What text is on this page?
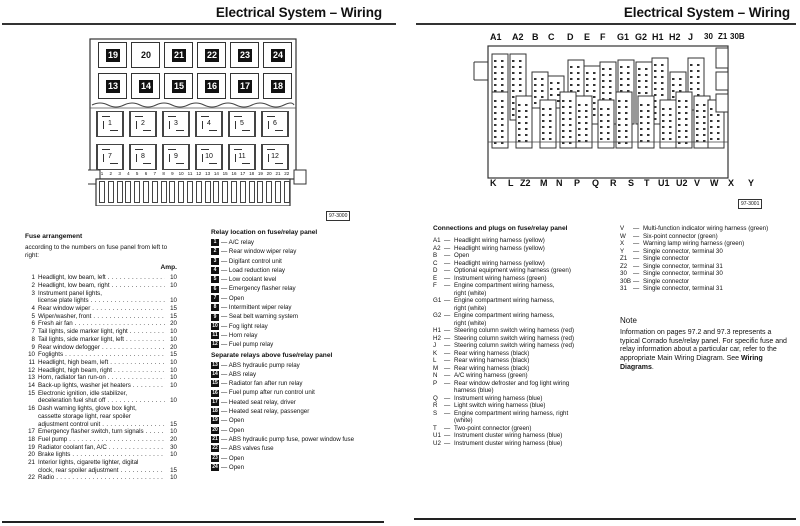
Electrical System – Wiring
19	20	21	22	23	24
13	14	15	16	17	18
1	2	3	4	5	6
7	8	9	10	11	12
1	2	3	4	5	6	7	8	9	10 11 12 13 14 15 16 17 18 19 20 21 22
97-3000
Fuse arrangement
according to the numbers on fuse panel from left to right:
Amp.
1 Headlight, low beam, left . . .	10
2 Headlight, low beam, right . . .	10
3 Instrument panel lights,
license plate lights . . .	10
4 Rear window wiper . . .	15
5 Wiper/washer, front . . .	15
6 Fresh air fan . . .	20
7 Tail lights, side marker light, right . . .	10
8 Tail lights, side marker light, left . . .	10
9 Rear window defogger . . .	20
10 Foglights . . .	15
11 Headlight, high beam, left . . .	10
12 Headlight, high beam, right . . .	10
13 Horn, radiator fan run-on . . .	10
14 Back-up lights, washer jet heaters . . .	10
15 Electronic ignition, idle stabilizer,
deceleration fuel shut off . . .	10
16 Dash warning lights, glove box light,
cassette storage light, rear spoiler
adjustment control unit . . .	15
17 Emergency flasher switch, turn signals . . .	10
18 Fuel pump . . .	20
19 Radiator coolant fan, A/C . . .	30
20 Brake lights . . .	10
21 Interior lights, cigarette lighter, digital
clock, rear spoiler adjustment . . .	15
22 Radio . . .	10
Relay location on fuse/relay panel
1 — A/C relay
2 — Rear window wiper relay
3 — Digifant control unit
4 — Load reduction relay
5 — Low coolant level
6 — Emergency flasher relay
7 — Open
8 — Intermittent wiper relay
9 — Seat belt warning system
10 — Fog light relay
11 — Horn relay
12 — Fuel pump relay
Separate relays above fuse/relay panel
13 — ABS hydraulic pump relay
14 — ABS relay
15 — Radiator fan after run relay
16 — Fuel pump after run control unit
17 — Heated seat relay, driver
18 — Heated seat relay, passenger
19 — Open
20 — Open
21 — ABS hydraulic pump fuse, power window fuse
22 — ABS valves fuse
23 — Open
24 — Open
Electrical System – Wiring
A1 A2 B C D E F G1 G2 H1 H2 J 30 Z1 30B
K L Z2 M N P Q R S T U1 U2 V W X Y
97-3001
Connections and plugs on fuse/relay panel
A1 — Headlight wiring harness (yellow)
A2 — Headlight wiring harness (yellow)
B	— Open
C	— Headlight wiring harness (yellow)
D	— Optional equipment wiring harness (green)
E	— Instrument wiring harness (green)
F	— Engine compartment wiring harness,
right (white)
G1 — Engine compartment wiring harness,
right (white)
G2 — Engine compartment wiring harness,
right (white)
H1 — Steering column switch wiring harness (red)
H2 — Steering column switch wiring harness (red)
J	— Steering column switch wiring harness (red)
K	— Rear wiring harness (black)
L	— Rear wiring harness (black)
M — Rear wiring harness (black)
N	— A/C wiring harness (green)
P	— Rear window defroster and fog light wiring
harness (blue)
Q — Instrument wiring harness (blue)
R	— Light switch wiring harness (blue)
S	— Engine compartment wiring harness, right
(white)
T	— Two-point connector (green)
U1 — Instrument cluster wiring harness (blue)
U2 — Instrument cluster wiring harness (blue)
V	— Multi-function indicator wiring harness (green)
W	— Six-point connector (green)
X	— Warning lamp wiring harness (green)
Y	— Single connector, terminal 30
Z1 — Single connector
Z2 — Single connector, terminal 31
30 — Single connector, terminal 30
30B — Single connector
31 — Single connector, terminal 31
Note
Information on pages 97.2 and 97.3 represents a typical Corrado fuse/relay panel. For specific fuse and relay information about a particular car, refer to the appropriate Main Wiring Diagram. See Wiring Diagrams.
